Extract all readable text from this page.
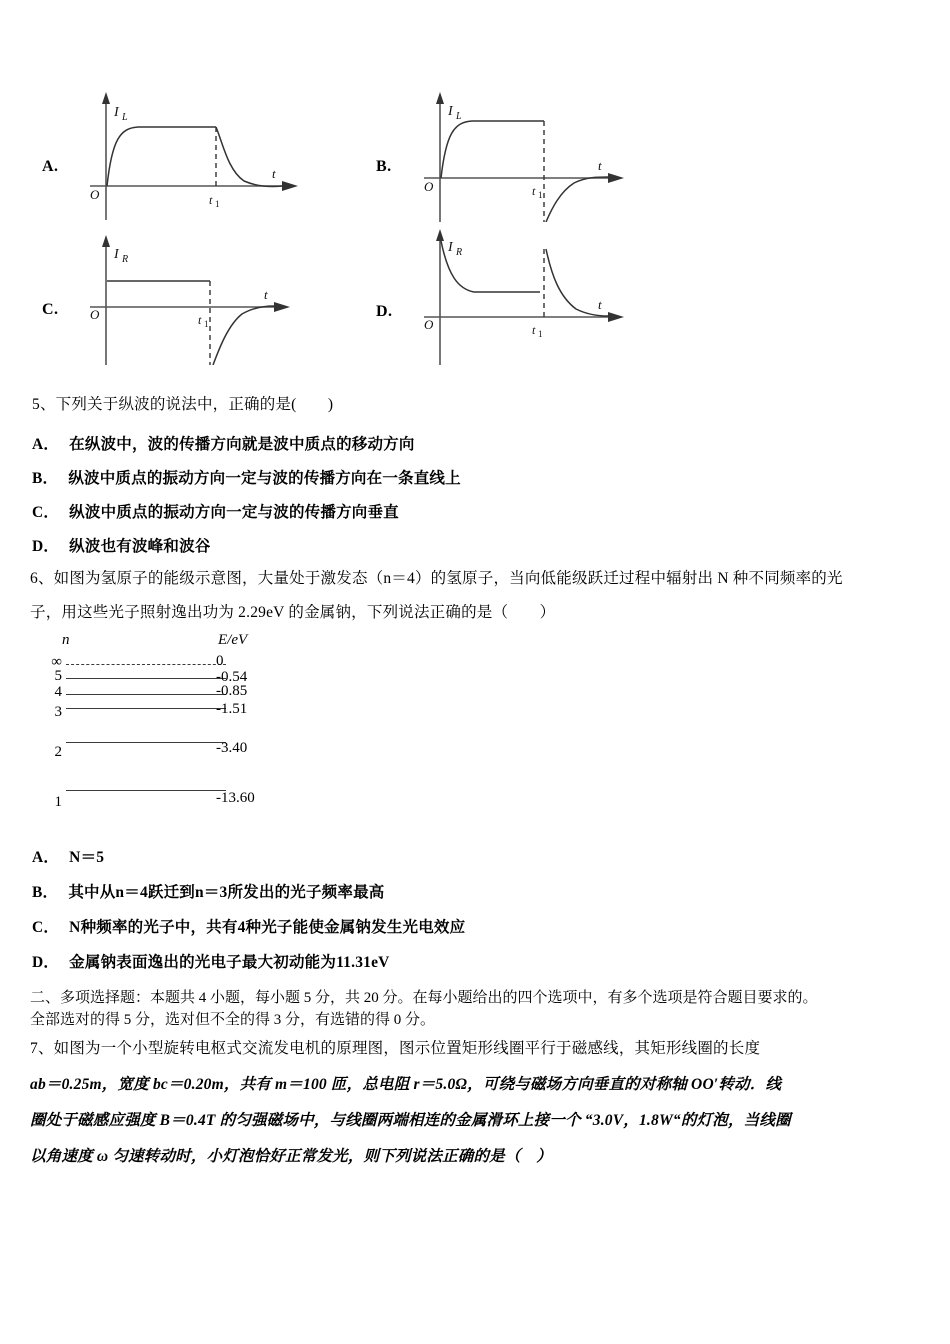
A.
I L
O
t
t 1
B.
I L
O
t
t 1
C.
I R
O
t
t 1
D.
I R
O
t
t 1
5、下列关于纵波的说法中，正确的是(　　)
A． 在纵波中，波的传播方向就是波中质点的移动方向
B． 纵波中质点的振动方向一定与波的传播方向在一条直线上
C． 纵波中质点的振动方向一定与波的传播方向垂直
D． 纵波也有波峰和波谷
6、如图为氢原子的能级示意图，大量处于激发态（n＝4）的氢原子，当向低能级跃迁过程中辐射出 N 种不同频率的光
子，用这些光子照射逸出功为 2.29eV 的金属钠，下列说法正确的是（　　）
n	E/eV
∞	0
5	-0.54
4	-0.85
3	-1.51
2	-3.40
1	-13.60
A． N＝5
B． 其中从n＝4跃迁到n＝3所发出的光子频率最高
C． N种频率的光子中，共有4种光子能使金属钠发生光电效应
D． 金属钠表面逸出的光电子最大初动能为11.31eV
二、多项选择题：本题共 4 小题，每小题 5 分，共 20 分。在每小题给出的四个选项中，有多个选项是符合题目要求的。
全部选对的得 5 分，选对但不全的得 3 分，有选错的得 0 分。
7、如图为一个小型旋转电枢式交流发电机的原理图，图示位置矩形线圈平行于磁感线，其矩形线圈的长度
ab＝0.25m，宽度 bc＝0.20m，共有 m＝100 匝，总电阻 r＝5.0Ω，可绕与磁场方向垂直的对称轴 OO′转动．线
圈处于磁感应强度 B＝0.4T 的匀强磁场中，与线圈两端相连的金属滑环上接一个 “3.0V，1.8W“的灯泡，当线圈
以角速度 ω 匀速转动时，小灯泡恰好正常发光，则下列说法正确的是（　）
